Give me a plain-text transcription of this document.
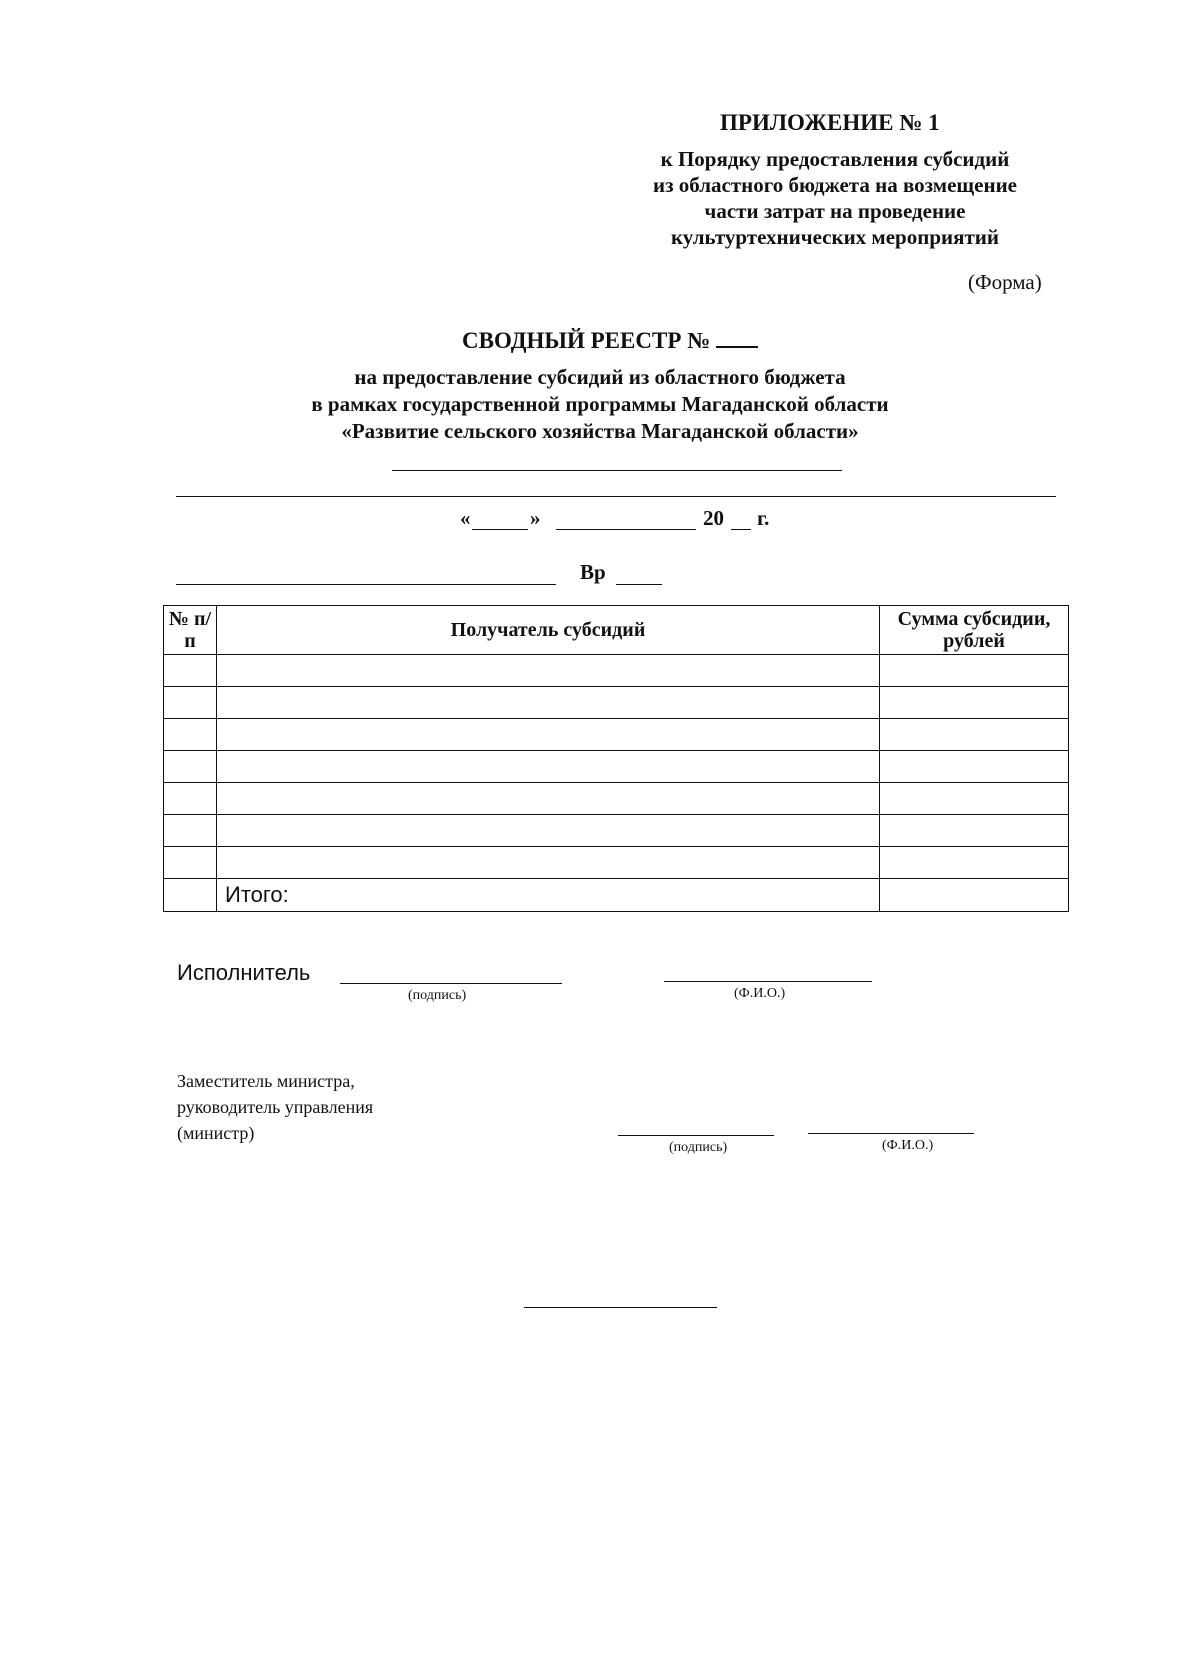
ПРИЛОЖЕНИЕ № 1
к Порядку предоставления субсидий
из областного бюджета на возмещение
части затрат на проведение
культуртехнических мероприятий
(Форма)
СВОДНЫЙ РЕЕСТР №
на предоставление субсидий из областного бюджета
в рамках государственной программы Магаданской области
«Развитие сельского хозяйства Магаданской области»
«	»	20 г.
Вр
№ п/п	Получатель субсидий	Сумма субсидии, рублей

	Итого:	
Исполнитель
(подпись)	(Ф.И.О.)
Заместитель министра,
руководитель управления
(министр)
(подпись)	(Ф.И.О.)
